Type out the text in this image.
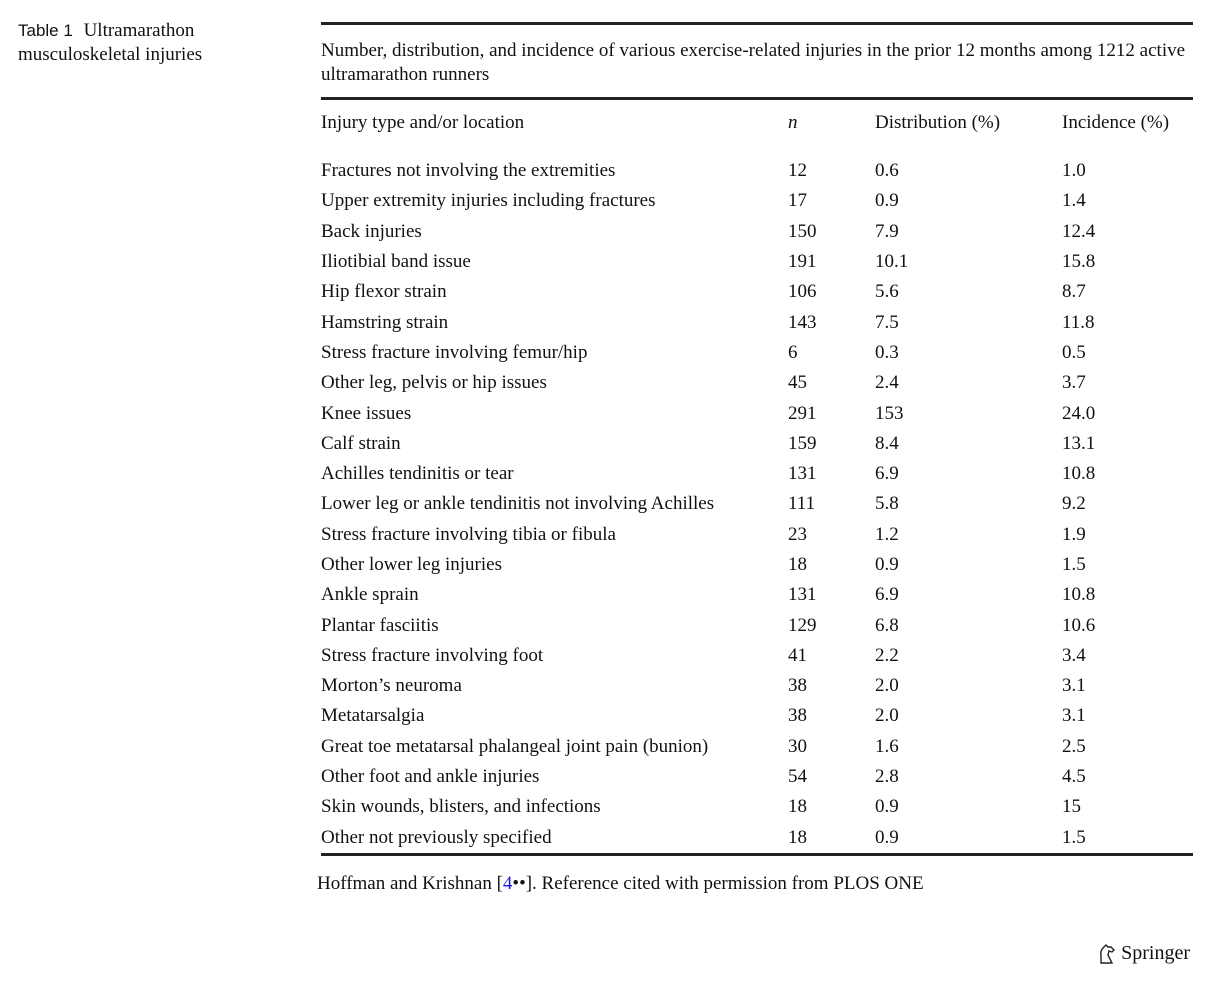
Table 1 Ultramarathon musculoskeletal injuries	Number, distribution, and incidence of various exercise-related injuries in the prior 12 months among 1212 active ultramarathon runners
Injury type and/or location	n	Distribution (%)	Incidence (%)
Fractures not involving the extremities	12	0.6	1.0
Upper extremity injuries including fractures	17	0.9	1.4
Back injuries	150	7.9	12.4
Iliotibial band issue	191	10.1	15.8
Hip flexor strain	106	5.6	8.7
Hamstring strain	143	7.5	11.8
Stress fracture involving femur/hip	6	0.3	0.5
Other leg, pelvis or hip issues	45	2.4	3.7
Knee issues	291	153	24.0
Calf strain	159	8.4	13.1
Achilles tendinitis or tear	131	6.9	10.8
Lower leg or ankle tendinitis not involving Achilles	111	5.8	9.2
Stress fracture involving tibia or fibula	23	1.2	1.9
Other lower leg injuries	18	0.9	1.5
Ankle sprain	131	6.9	10.8
Plantar fasciitis	129	6.8	10.6
Stress fracture involving foot	41	2.2	3.4
Morton’s neuroma	38	2.0	3.1
Metatarsalgia	38	2.0	3.1
Great toe metatarsal phalangeal joint pain (bunion)	30	1.6	2.5
Other foot and ankle injuries	54	2.8	4.5
Skin wounds, blisters, and infections	18	0.9	15
Other not previously specified	18	0.9	1.5
Hoffman and Krishnan [4••]. Reference cited with permission from PLOS ONE
Springer
